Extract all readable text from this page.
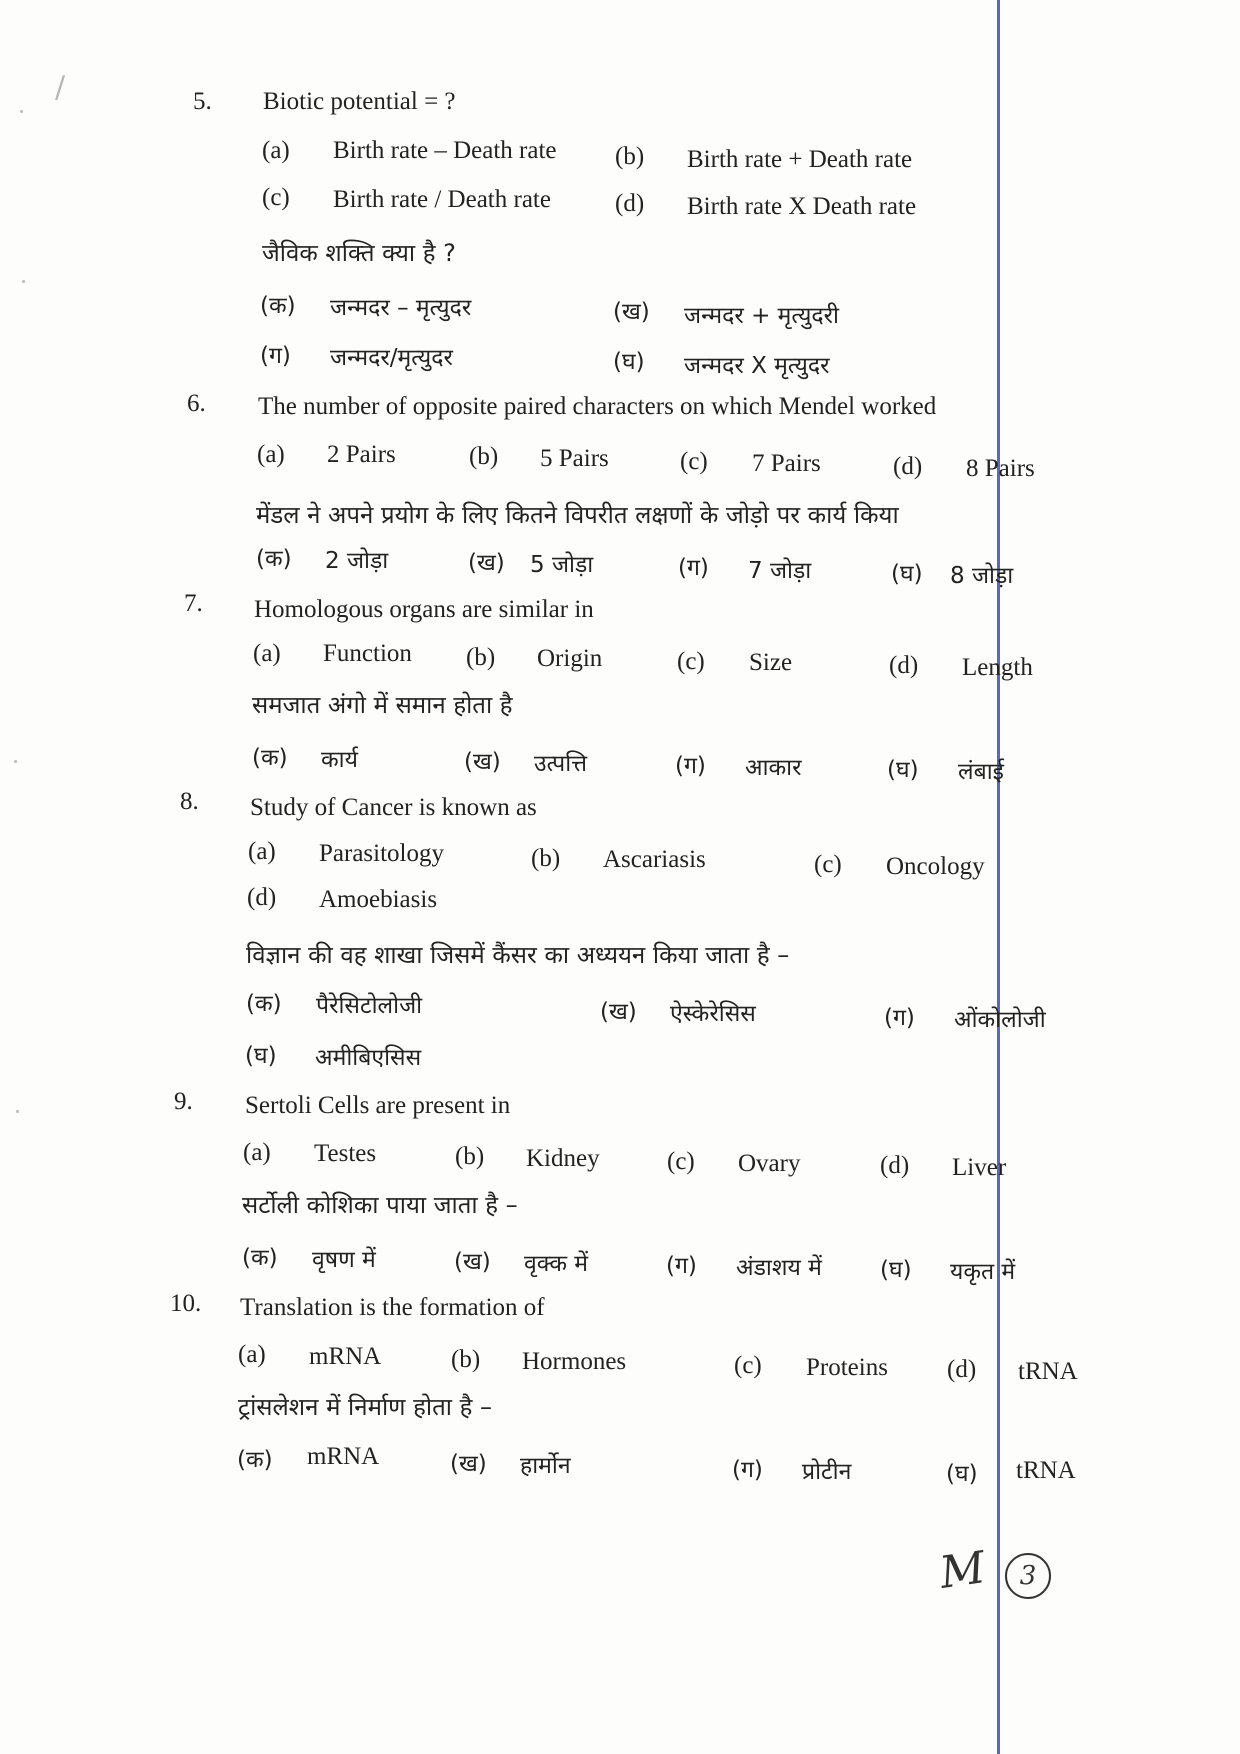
/	5. Biotic potential = ?
(a) Birth rate – Death rate (b) Birth rate + Death rate
(c) Birth rate / Death rate	(d) Birth rate X Death rate
जैविक शक्ति क्या है ?
(क) जन्मदर – मृत्युदर	(ख) जन्मदर + मृत्युदरी
(ग) जन्मदर/मृत्युदर	(घ) जन्मदर X मृत्युदर
6. The number of opposite paired characters on which Mendel worked
(a) 2 Pairs	(b) 5 Pairs	(c) 7 Pairs	(d) 8 Pairs
मेंडल ने अपने प्रयोग के लिए कितने विपरीत लक्षणों के जोड़ो पर कार्य किया
(क) 2 जोड़ा	(ख) 5 जोड़ा	(ग) 7 जोड़ा	(घ) 8 जोड़ा
7. Homologous organs are similar in
(a) Function (b) Origin	(c) Size	(d) Length
समजात अंगो में समान होता है
(क) कार्य	(ख) उत्पत्ति	(ग) आकार	(घ) लंबाई
8. Study of Cancer is known as
(a) Parasitology	(b) Ascariasis	(c) Oncology
(d) Amoebiasis
विज्ञान की वह शाखा जिसमें कैंसर का अध्ययन किया जाता है –
(क) पैरेसिटोलोजी	(ख) ऐस्केरेसिस	(ग) ओंकोलोजी
(घ) अमीबिएसिस
9. Sertoli Cells are present in
(a) Testes	(b) Kidney	(c) Ovary	(d) Liver
सर्टोली कोशिका पाया जाता है –
(क) वृषण में	(ख) वृक्क में	(ग) अंडाशय में	(घ) यकृत में
10. Translation is the formation of
(a) mRNA	(b) Hormones	(c) Proteins (d) tRNA
ट्रांसलेशन में निर्माण होता है –
(क) mRNA	(ख) हार्मोन	(ग) प्रोटीन	(घ) tRNA
M	3
